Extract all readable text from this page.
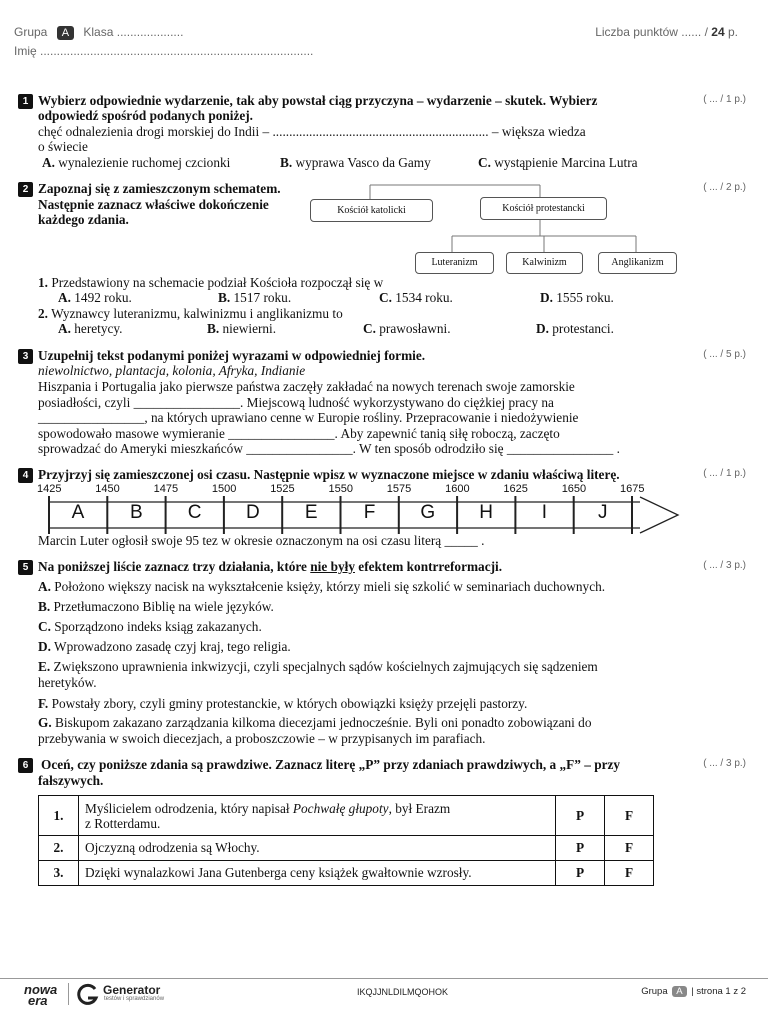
Grupa A Klasa ....................
Imię ..................................................................................
Liczba punktów ...... / 24 p.
1	( ... / 1 p.)
Wybierz odpowiednie wydarzenie, tak aby powstał ciąg przyczyna – wydarzenie – skutek. Wybierz
odpowiedź spośród podanych poniżej.
chęć odnalezienia drogi morskiej do Indii – ................................................................. – większa wiedza
o świecie
A. wynalezienie ruchomej czcionki	B. wyprawa Vasco da Gamy	C. wystąpienie Marcina Lutra
2	( ... / 2 p.)
Zapoznaj się z zamieszczonym schematem.
Następnie zaznacz właściwe dokończenie
każdego zdania.
Kościół katolicki	Kościół protestancki
Luteranizm	Kalwinizm	Anglikanizm
1. Przedstawiony na schemacie podział Kościoła rozpoczął się w
A. 1492 roku.	B. 1517 roku.	C. 1534 roku.	D. 1555 roku.
2. Wyznawcy luteranizmu, kalwinizmu i anglikanizmu to
A. heretycy.	B. niewierni.	C. prawosławni.	D. protestanci.
3	( ... / 5 p.)
Uzupełnij tekst podanymi poniżej wyrazami w odpowiedniej formie.
niewolnictwo, plantacja, kolonia, Afryka, Indianie
Hiszpania i Portugalia jako pierwsze państwa zaczęły zakładać na nowych terenach swoje zamorskie
posiadłości, czyli ________________. Miejscową ludność wykorzystywano do ciężkiej pracy na
________________, na których uprawiano cenne w Europie rośliny. Przepracowanie i niedożywienie
spowodowało masowe wymieranie ________________. Aby zapewnić tanią siłę roboczą, zaczęto
sprowadzać do Ameryki mieszkańców ________________. W ten sposób odrodziło się ________________ .
4	( ... / 1 p.)
Przyjrzyj się zamieszczonej osi czasu. Następnie wpisz w wyznaczone miejsce w zdaniu właściwą literę.
1425	1450	1475	1500	1525	1550	1575	1600	1625	1650	1675
A	B	C	D	E	F	G	H	I	J
Marcin Luter ogłosił swoje 95 tez w okresie oznaczonym na osi czasu literą _____ .
5	( ... / 3 p.)
Na poniższej liście zaznacz trzy działania, które nie były efektem kontrreformacji.
A. Położono większy nacisk na wykształcenie księży, którzy mieli się szkolić w seminariach duchownych.
B. Przetłumaczono Biblię na wiele języków.
C. Sporządzono indeks ksiąg zakazanych.
D. Wprowadzono zasadę czyj kraj, tego religia.
E. Zwiększono uprawnienia inkwizycji, czyli specjalnych sądów kościelnych zajmujących się sądzeniem
heretyków.
F. Powstały zbory, czyli gminy protestanckie, w których obowiązki księży przejęli pastorzy.
G. Biskupom zakazano zarządzania kilkoma diecezjami jednocześnie. Byli oni ponadto zobowiązani do
przebywania w swoich diecezjach, a proboszczowie – w przypisanych im parafiach.
6	( ... / 3 p.)
Oceń, czy poniższe zdania są prawdziwe. Zaznacz literę „P” przy zdaniach prawdziwych, a „F” – przy
fałszywych.
1.	Myślicielem odrodzenia, który napisał Pochwałę głupoty, był Erazm
z Rotterdamu.	P	F
2.	Ojczyzną odrodzenia są Włochy.	P	F
3.	Dzięki wynalazkowi Jana Gutenberga ceny książek gwałtownie wzrosły.	P	F
nowa
era
Generator
testów i sprawdzianów
IKQJJNLDILMQOHOK	Grupa A | strona 1 z 2
